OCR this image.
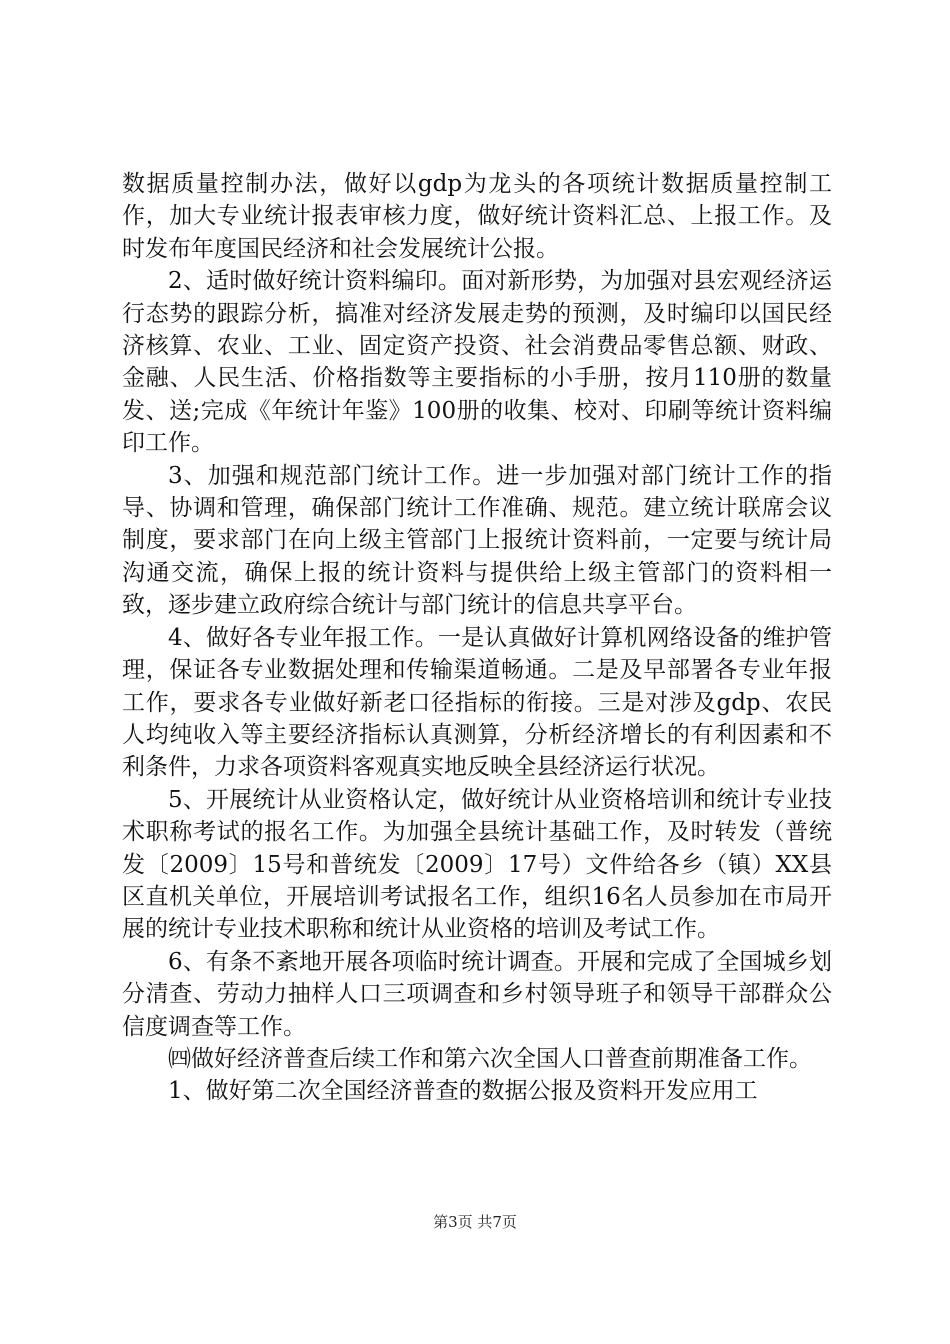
数据质量控制办法，做好以gdp为龙头的各项统计数据质量控制工作，加大专业统计报表审核力度，做好统计资料汇总、上报工作。及时发布年度国民经济和社会发展统计公报。

2、适时做好统计资料编印。面对新形势，为加强对县宏观经济运行态势的跟踪分析，搞准对经济发展走势的预测，及时编印以国民经济核算、农业、工业、固定资产投资、社会消费品零售总额、财政、金融、人民生活、价格指数等主要指标的小手册，按月110册的数量发、送;完成《年统计年鉴》100册的收集、校对、印刷等统计资料编印工作。

3、加强和规范部门统计工作。进一步加强对部门统计工作的指导、协调和管理，确保部门统计工作准确、规范。建立统计联席会议制度，要求部门在向上级主管部门上报统计资料前，一定要与统计局沟通交流，确保上报的统计资料与提供给上级主管部门的资料相一致，逐步建立政府综合统计与部门统计的信息共享平台。

4、做好各专业年报工作。一是认真做好计算机网络设备的维护管理，保证各专业数据处理和传输渠道畅通。二是及早部署各专业年报工作，要求各专业做好新老口径指标的衔接。三是对涉及gdp、农民人均纯收入等主要经济指标认真测算，分析经济增长的有利因素和不利条件，力求各项资料客观真实地反映全县经济运行状况。

5、开展统计从业资格认定，做好统计从业资格培训和统计专业技术职称考试的报名工作。为加强全县统计基础工作，及时转发（普统发〔2009〕15号和普统发〔2009〕17号）文件给各乡（镇）XX县区直机关单位，开展培训考试报名工作，组织16名人员参加在市局开展的统计专业技术职称和统计从业资格的培训及考试工作。

6、有条不紊地开展各项临时统计调查。开展和完成了全国城乡划分清查、劳动力抽样人口三项调查和乡村领导班子和领导干部群众公信度调查等工作。

㈣做好经济普查后续工作和第六次全国人口普查前期准备工作。

1、做好第二次全国经济普查的数据公报及资料开发应用工

第3页 共7页
